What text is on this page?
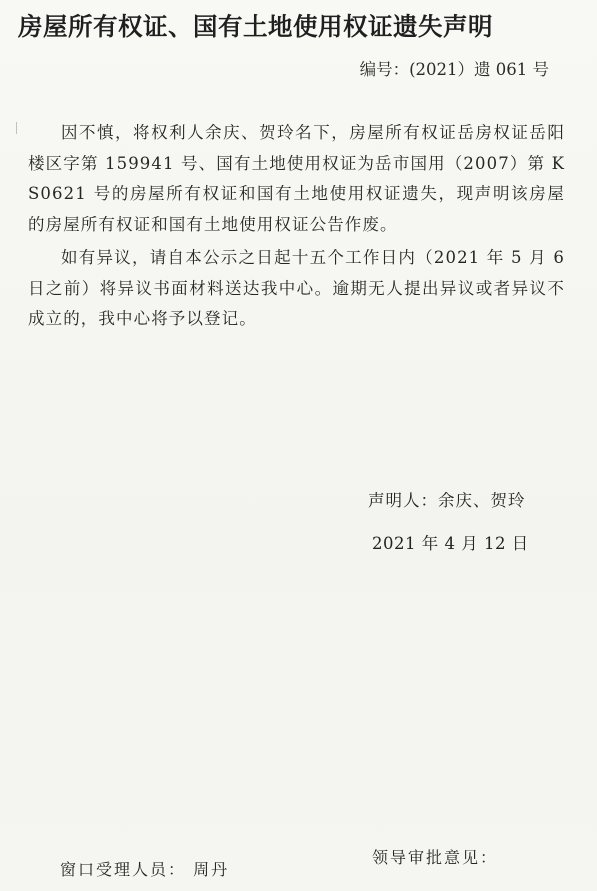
房屋所有权证、国有土地使用权证遗失声明
编号：(2021）遗 061 号

因不慎，将权利人余庆、贺玲名下，房屋所有权证岳房权证岳阳楼区字第 159941 号、国有土地使用权证为岳市国用（2007）第 KS0621 号的房屋所有权证和国有土地使用权证遗失，现声明该房屋的房屋所有权证和国有土地使用权证公告作废。

如有异议，请自本公示之日起十五个工作日内（2021 年 5 月 6 日之前）将异议书面材料送达我中心。逾期无人提出异议或者异议不成立的，我中心将予以登记。

声明人：余庆、贺玲
2021 年 4 月 12 日
窗口受理人员： 周丹
领导审批意见：
